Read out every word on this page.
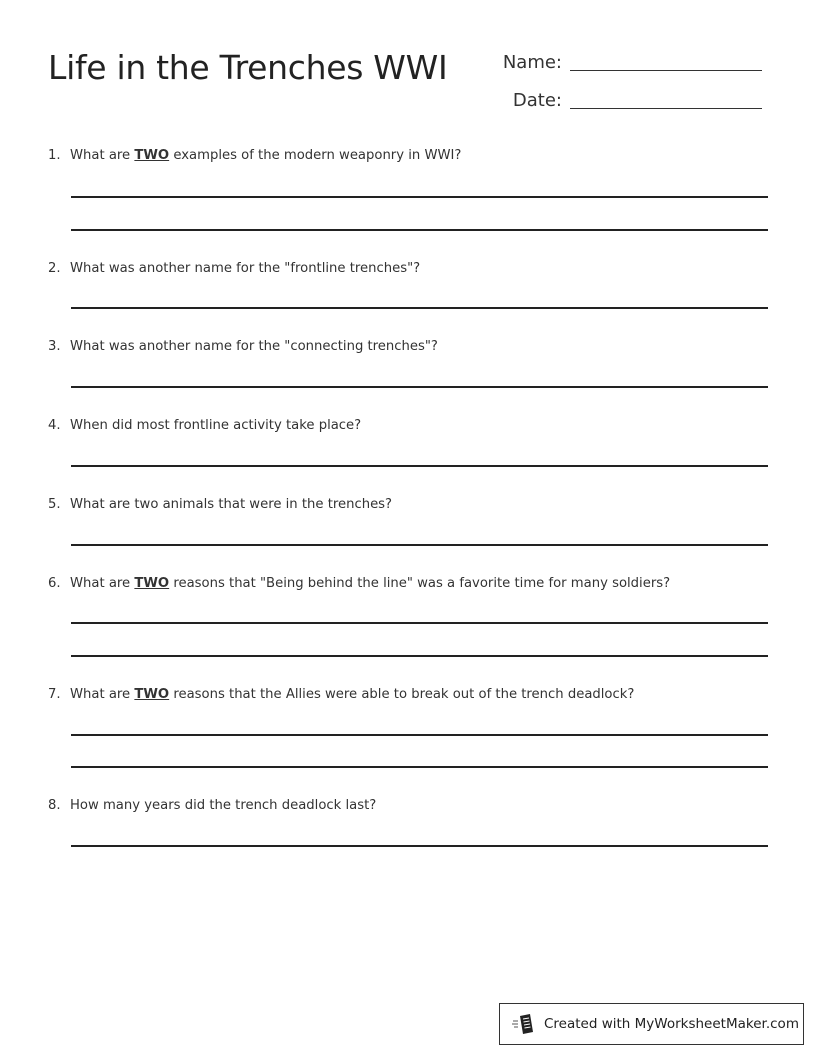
Life in the Trenches WWI	Name:
Date:
1. What are TWO examples of the modern weaponry in WWI?
2. What was another name for the "frontline trenches"?
3. What was another name for the "connecting trenches"?
4. When did most frontline activity take place?
5. What are two animals that were in the trenches?
6. What are TWO reasons that "Being behind the line" was a favorite time for many soldiers?
7. What are TWO reasons that the Allies were able to break out of the trench deadlock?
8. How many years did the trench deadlock last?
Created with MyWorksheetMaker.com
